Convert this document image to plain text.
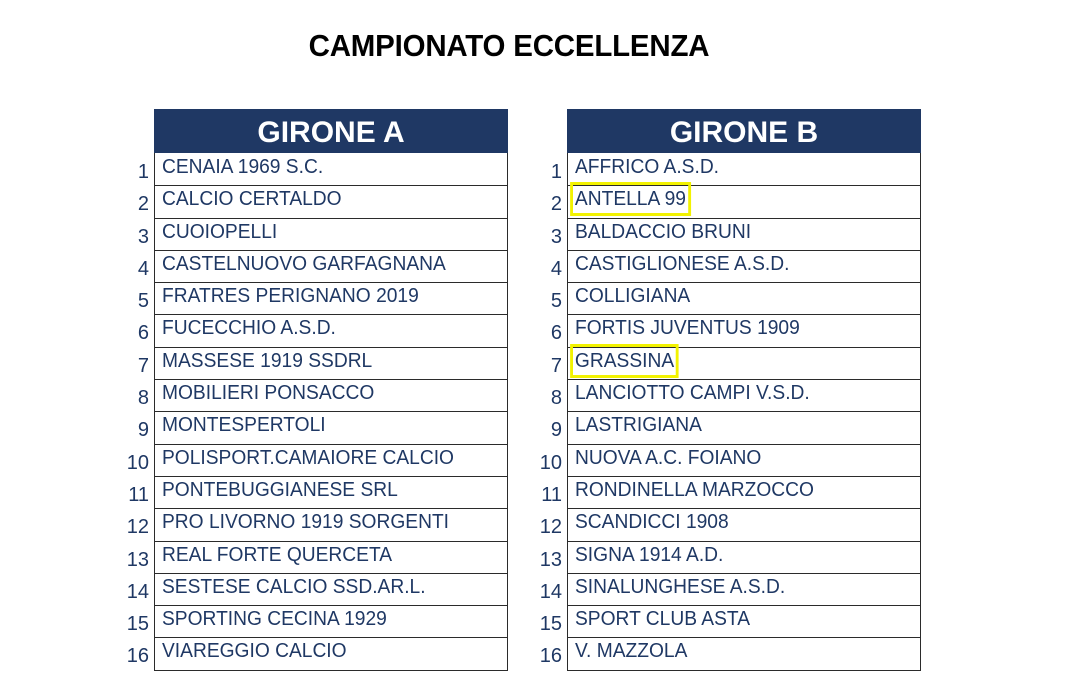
CAMPIONATO ECCELLENZA
GIRONE A
1 CENAIA 1969 S.C.
2 CALCIO CERTALDO
3 CUOIOPELLI
4 CASTELNUOVO GARFAGNANA
5 FRATRES PERIGNANO 2019
6 FUCECCHIO A.S.D.
7 MASSESE 1919 SSDRL
8 MOBILIERI PONSACCO
9 MONTESPERTOLI
10 POLISPORT.CAMAIORE CALCIO
11 PONTEBUGGIANESE SRL
12 PRO LIVORNO 1919 SORGENTI
13 REAL FORTE QUERCETA
14 SESTESE CALCIO SSD.AR.L.
15 SPORTING CECINA 1929
16 VIAREGGIO CALCIO
GIRONE B
1 AFFRICO A.S.D.
2 ANTELLA 99
3 BALDACCIO BRUNI
4 CASTIGLIONESE A.S.D.
5 COLLIGIANA
6 FORTIS JUVENTUS 1909
7 GRASSINA
8 LANCIOTTO CAMPI V.S.D.
9 LASTRIGIANA
10 NUOVA A.C. FOIANO
11 RONDINELLA MARZOCCO
12 SCANDICCI 1908
13 SIGNA 1914 A.D.
14 SINALUNGHESE A.S.D.
15 SPORT CLUB ASTA
16 V. MAZZOLA
